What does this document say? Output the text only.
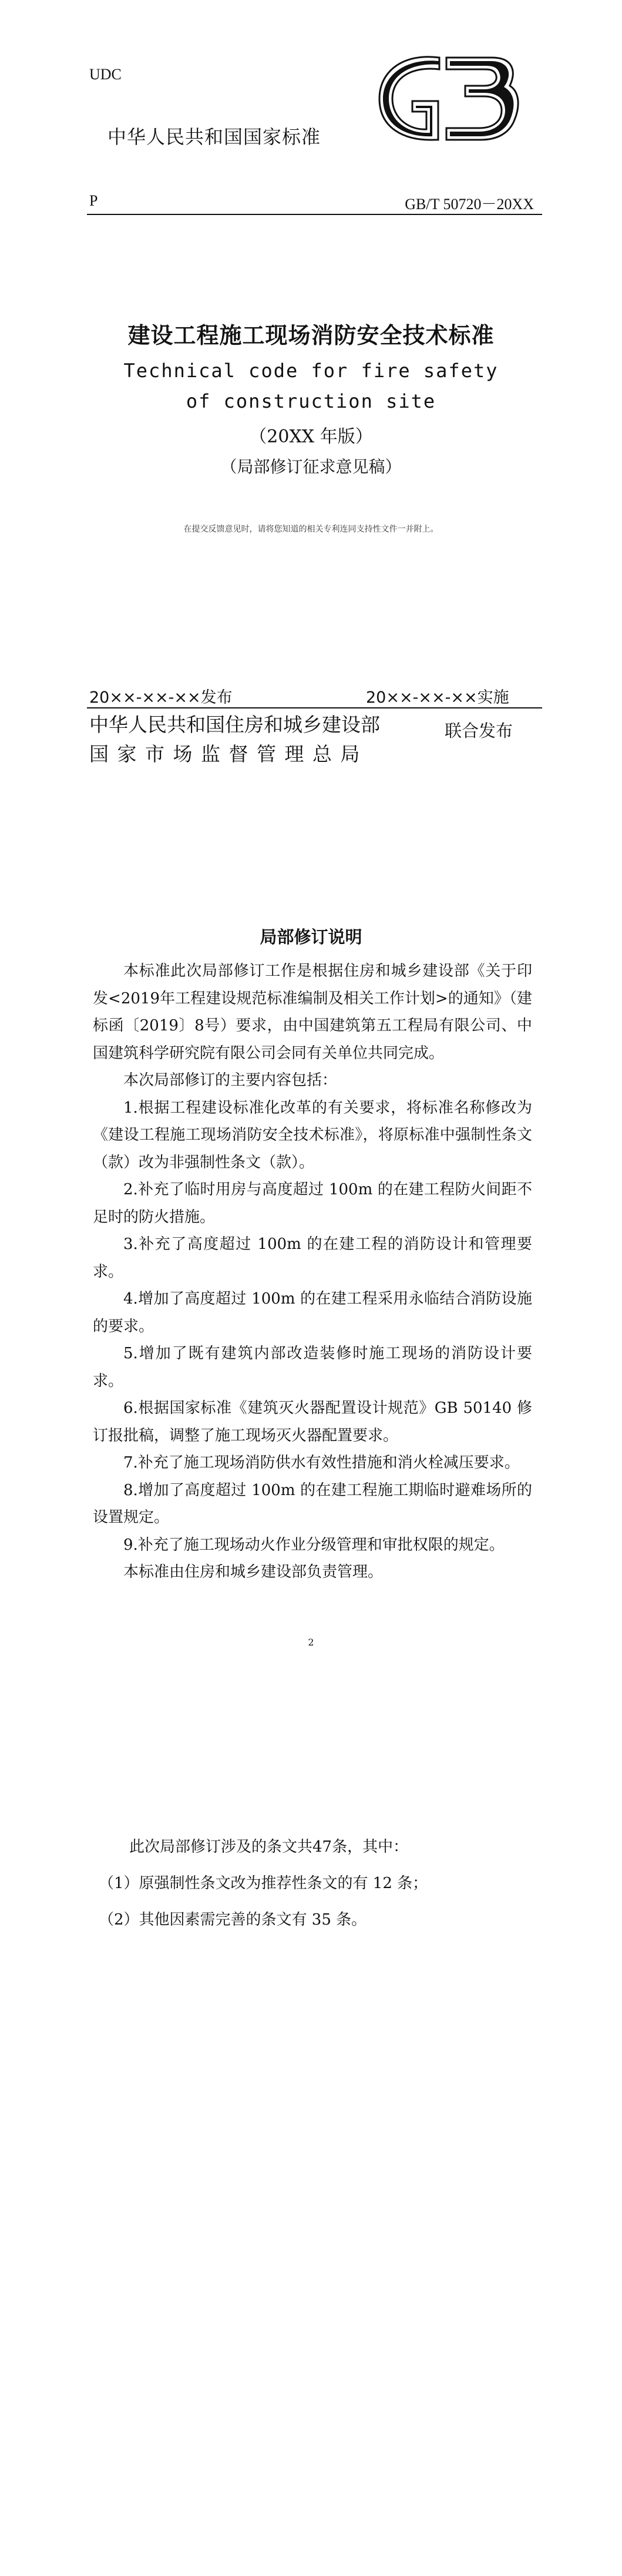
UDC
中华人民共和国国家标准
P	GB/T 50720－20XX
建设工程施工现场消防安全技术标准
Technical code for fire safety
of construction site
（20XX 年版）
（局部修订征求意见稿）
在提交反馈意见时，请将您知道的相关专利连同支持性文件一并附上。
20××-××-××发布	20××-××-××实施
中华人民共和国住房和城乡建设部
国 家 市 场 监 督 管 理 总 局
联合发布
局部修订说明

本标准此次局部修订工作是根据住房和城乡建设部《关于印发<2019年工程建设规范标准编制及相关工作计划>的通知》（建标函〔2019〕8号）要求，由中国建筑第五工程局有限公司、中国建筑科学研究院有限公司会同有关单位共同完成。

本次局部修订的主要内容包括：

1.根据工程建设标准化改革的有关要求，将标准名称修改为《建设工程施工现场消防安全技术标准》，将原标准中强制性条文（款）改为非强制性条文（款）。

2.补充了临时用房与高度超过 100m 的在建工程防火间距不足时的防火措施。

3.补充了高度超过 100m 的在建工程的消防设计和管理要求。

4.增加了高度超过 100m 的在建工程采用永临结合消防设施的要求。

5.增加了既有建筑内部改造装修时施工现场的消防设计要求。

6.根据国家标准《建筑灭火器配置设计规范》GB 50140 修订报批稿，调整了施工现场灭火器配置要求。

7.补充了施工现场消防供水有效性措施和消火栓减压要求。

8.增加了高度超过 100m 的在建工程施工期临时避难场所的设置规定。

9.补充了施工现场动火作业分级管理和审批权限的规定。

本标准由住房和城乡建设部负责管理。

2

此次局部修订涉及的条文共47条，其中：

（1）原强制性条文改为推荐性条文的有 12 条；

（2）其他因素需完善的条文有 35 条。
